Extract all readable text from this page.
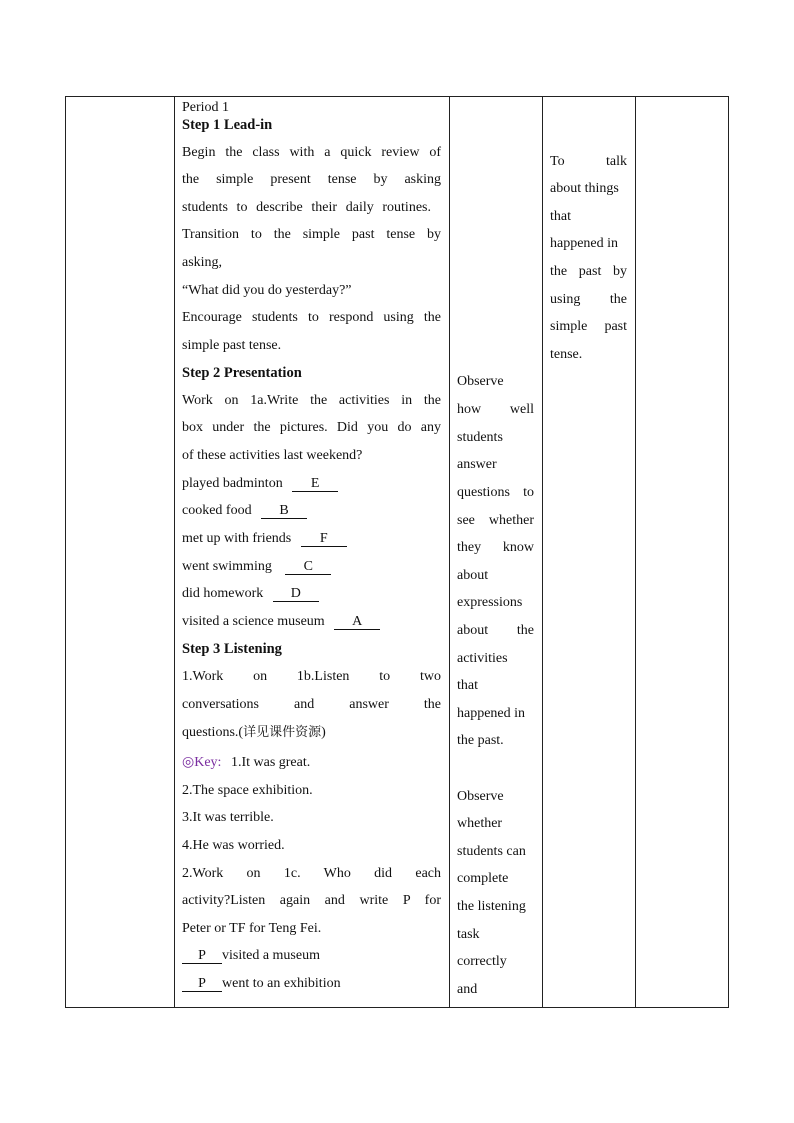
Period 1
Step 1 Lead-in
Begin the class with a quick review of
the simple present tense by asking
students to describe their daily routines.
Transition to the simple past tense by
asking,
“What did you do yesterday?”
Encourage students to respond using the
simple past tense.
Step 2 Presentation
Work on 1a.Write the activities in the
box under the pictures. Did you do any
of these activities last weekend?
played badminton E
cooked food B
met up with friends F
went swimming C
did homework D
visited a science museum A
Step 3 Listening
1.Work on 1b.Listen to two
conversations and answer the
questions.(详见课件资源)
◎Key: 1.It was great.
2.The space exhibition.
3.It was terrible.
4.He was worried.
2.Work on 1c. Who did each
activity?Listen again and write P for
Peter or TF for Teng Fei.
P visited a museum
P went to an exhibition
Observe
how well
students
answer
questions to
see whether
they know
about
expressions
about the
activities
that
happened in
the past.
Observe
whether
students can
complete
the listening
task
correctly
and
To talk
about things
that
happened in
the past by
using the
simple past
tense.
